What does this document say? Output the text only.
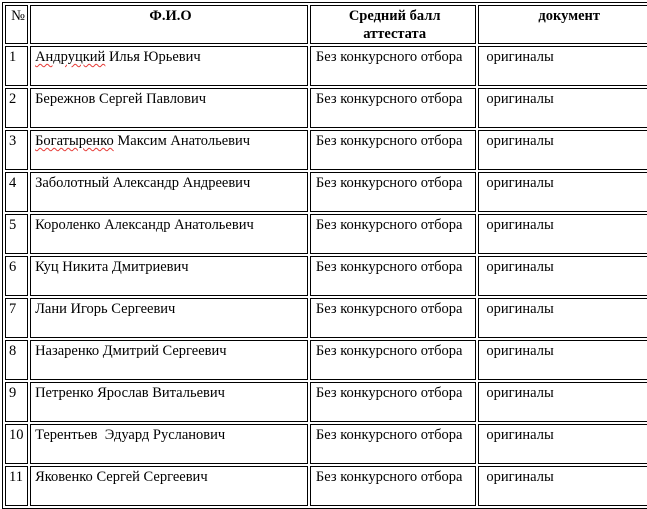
№	Ф.И.О	Средний балл аттестата	документ
1	Андруцкий Илья Юрьевич	Без конкурсного отбора	оригиналы
2	Бережнов Сергей Павлович	Без конкурсного отбора	оригиналы
3	Богатыренко Максим Анатольевич	Без конкурсного отбора	оригиналы
4	Заболотный Александр Андреевич	Без конкурсного отбора	оригиналы
5	Короленко Александр Анатольевич	Без конкурсного отбора	оригиналы
6	Куц Никита Дмитриевич	Без конкурсного отбора	оригиналы
7	Лани Игорь Сергеевич	Без конкурсного отбора	оригиналы
8	Назаренко Дмитрий Сергеевич	Без конкурсного отбора	оригиналы
9	Петренко Ярослав Витальевич	Без конкурсного отбора	оригиналы
10	Терентьев  Эдуард Русланович	Без конкурсного отбора	оригиналы
11	Яковенко Сергей Сергеевич	Без конкурсного отбора	оригиналы
